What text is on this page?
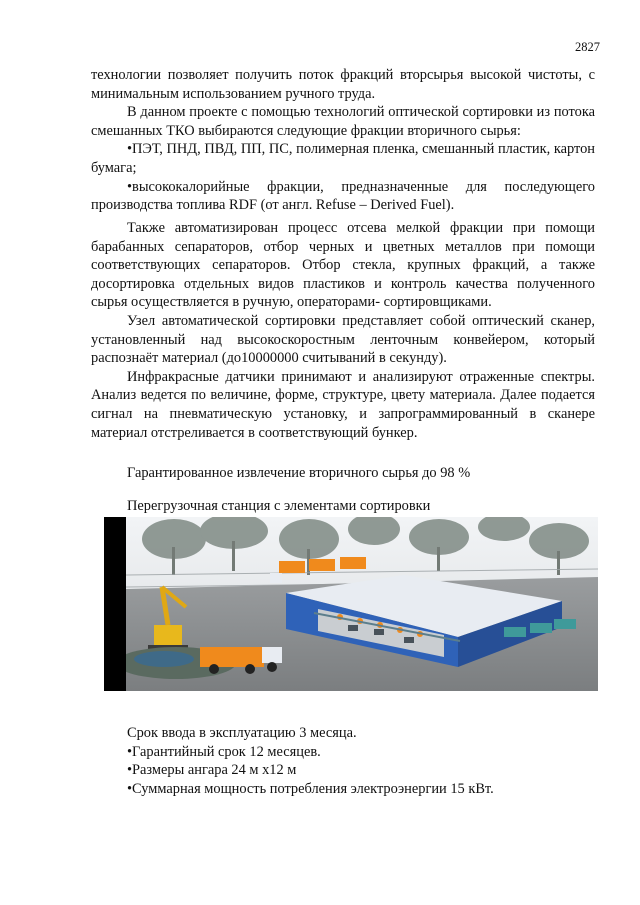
2827

технологии позволяет получить поток фракций вторсырья высокой чистоты, с минимальным использованием ручного труда.

В данном проекте с помощью технологий оптической сортировки из потока смешанных ТКО выбираются следующие фракции вторичного сырья:

•ПЭТ, ПНД, ПВД, ПП, ПС, полимерная пленка, смешанный пластик, картон бумага;

•высококалорийные фракции, предназначенные для последующего производства топлива RDF (от англ. Refuse – Derived Fuel).

Также автоматизирован процесс отсева мелкой фракции при помощи барабанных сепараторов, отбор черных и цветных металлов при помощи соответствующих сепараторов. Отбор стекла, крупных фракций, а также досортировка отдельных видов пластиков и контроль качества полученного сырья осуществляется в ручную, операторами- сортировщиками.

Узел автоматической сортировки представляет собой оптический сканер, установленный над высокоскоростным ленточным конвейером, который распознаёт материал (до10000000 считываний в секунду).

Инфракрасные датчики принимают и анализируют отраженные спектры. Анализ ведется по величине, форме, структуре, цвету материала. Далее подается сигнал на пневматическую установку, и запрограммированный в сканере материал отстреливается в соответствующий бункер.

Гарантированное извлечение вторичного сырья до 98 %

Перегрузочная станция с элементами сортировки

Срок ввода в эксплуатацию 3 месяца.

•Гарантийный срок 12 месяцев.

•Размеры ангара 24 м х12 м

•Суммарная мощность потребления электроэнергии 15 кВт.
